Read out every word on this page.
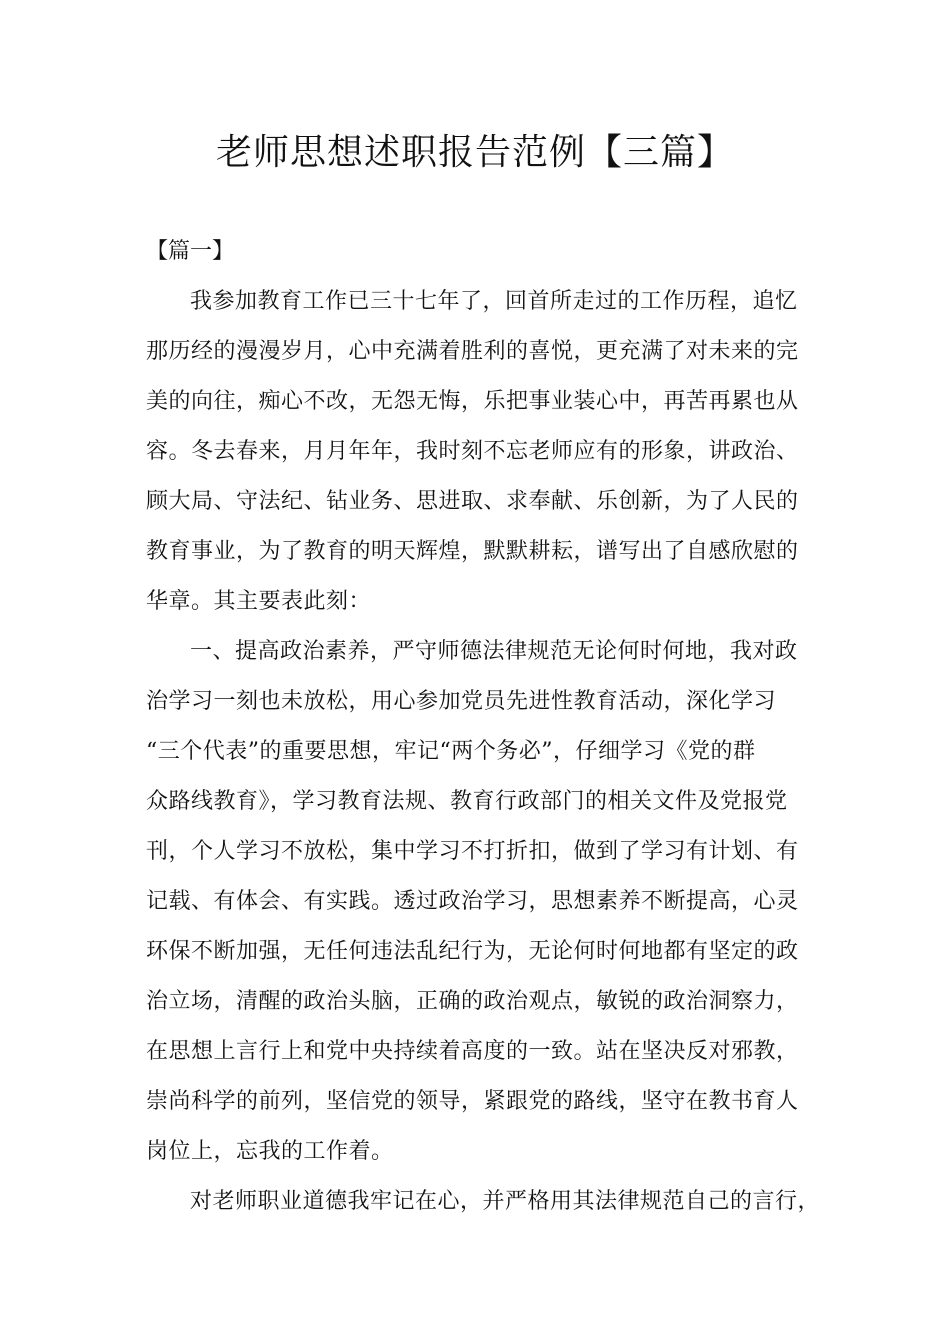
老师思想述职报告范例【三篇】
【篇一】
我参加教育工作已三十七年了，回首所走过的工作历程，追忆
那历经的漫漫岁月，心中充满着胜利的喜悦，更充满了对未来的完
美的向往，痴心不改，无怨无悔，乐把事业装心中，再苦再累也从
容。冬去春来，月月年年，我时刻不忘老师应有的形象，讲政治、
顾大局、守法纪、钻业务、思进取、求奉献、乐创新，为了人民的
教育事业，为了教育的明天辉煌，默默耕耘，谱写出了自感欣慰的
华章。其主要表此刻：
一、提高政治素养，严守师德法律规范无论何时何地，我对政
治学习一刻也未放松，用心参加党员先进性教育活动，深化学习
“三个代表”的重要思想，牢记“两个务必”，仔细学习《党的群
众路线教育》，学习教育法规、教育行政部门的相关文件及党报党
刊，个人学习不放松，集中学习不打折扣，做到了学习有计划、有
记载、有体会、有实践。透过政治学习，思想素养不断提高，心灵
环保不断加强，无任何违法乱纪行为，无论何时何地都有坚定的政
治立场，清醒的政治头脑，正确的政治观点，敏锐的政治洞察力，
在思想上言行上和党中央持续着高度的一致。站在坚决反对邪教，
崇尚科学的前列，坚信党的领导，紧跟党的路线，坚守在教书育人
岗位上，忘我的工作着。
对老师职业道德我牢记在心，并严格用其法律规范自己的言行，
